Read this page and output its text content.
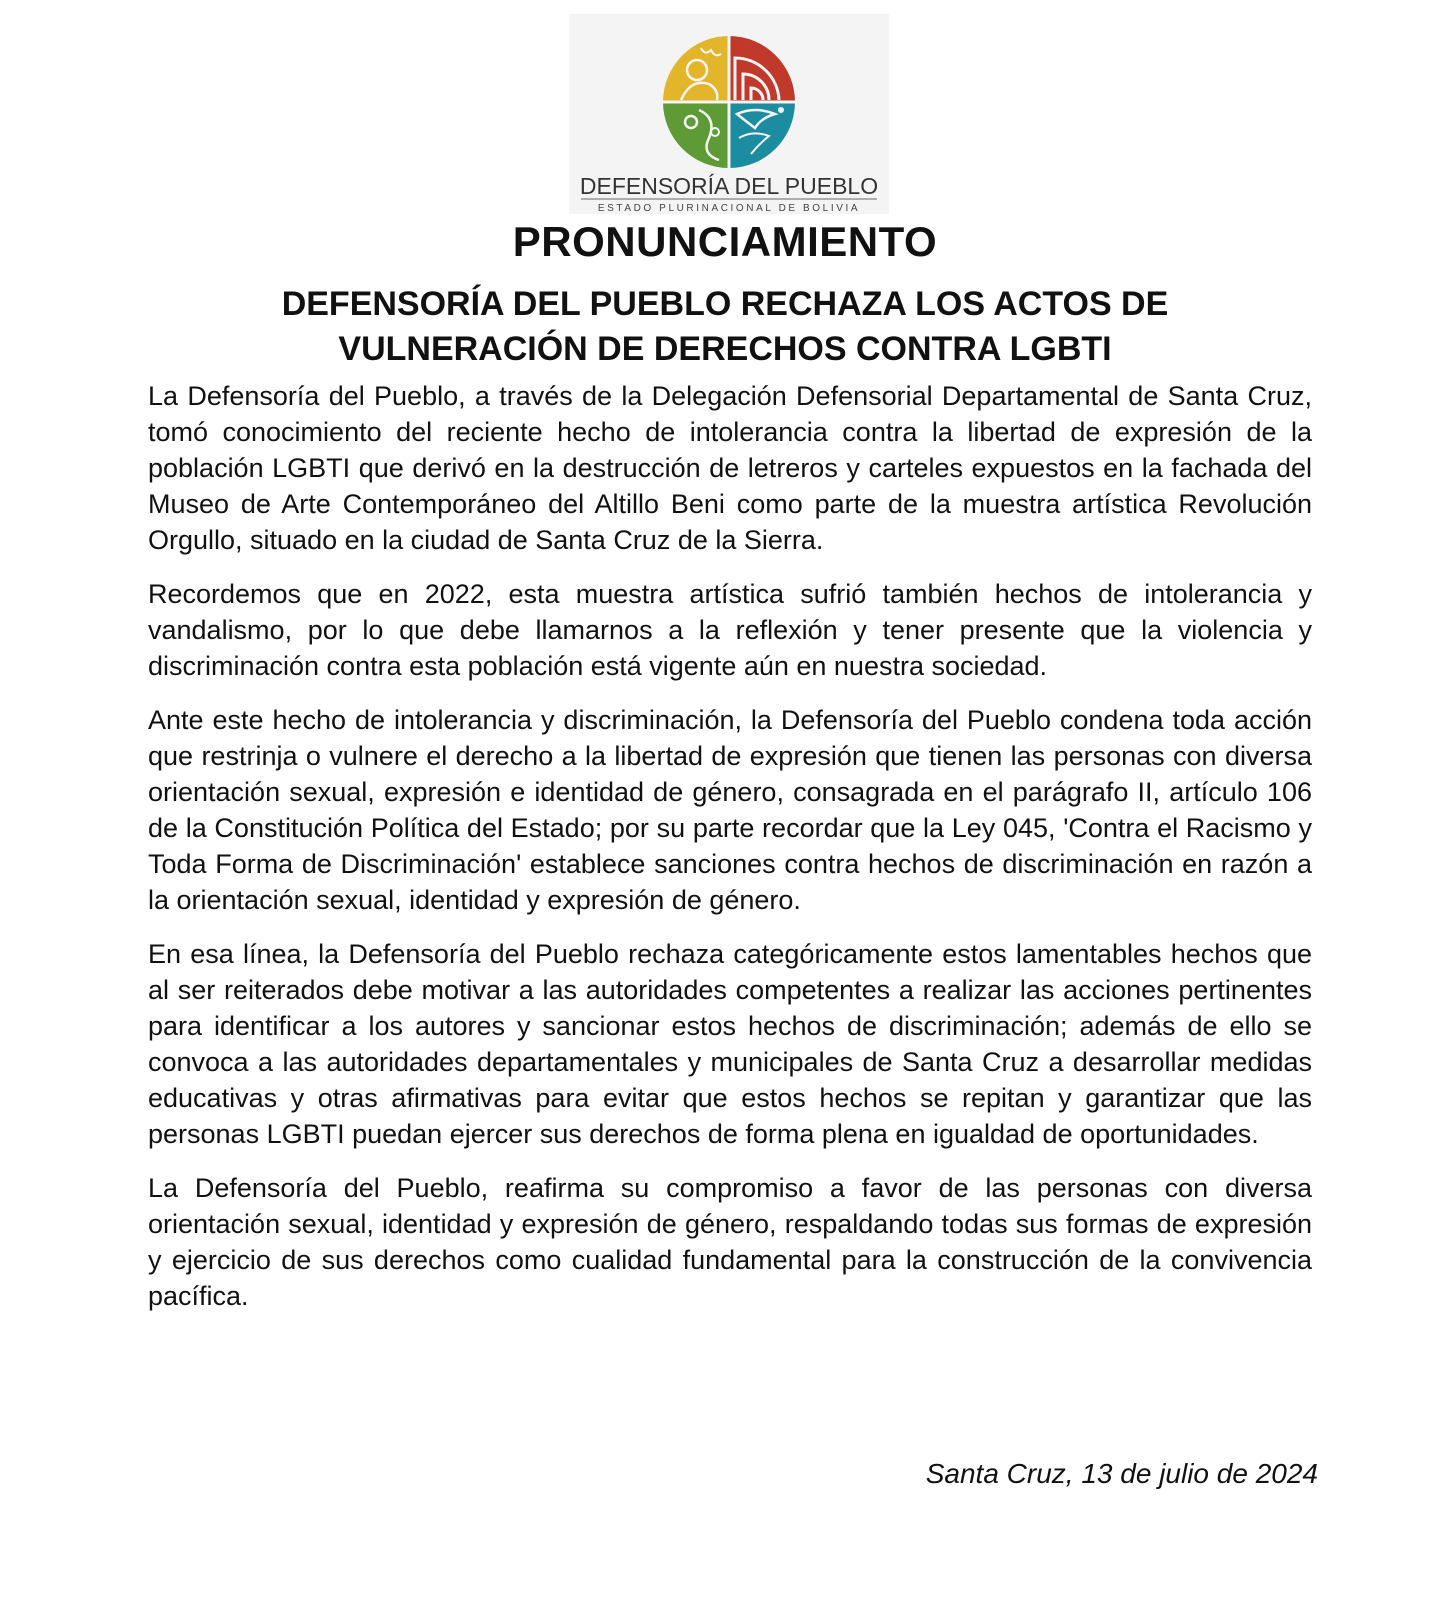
DEFENSORÍA DEL PUEBLO
ESTADO PLURINACIONAL DE BOLIVIA
PRONUNCIAMIENTO
DEFENSORÍA DEL PUEBLO RECHAZA LOS ACTOS DE
VULNERACIÓN DE DERECHOS CONTRA LGBTI

La Defensoría del Pueblo, a través de la Delegación Defensorial Departamental de Santa Cruz, tomó conocimiento del reciente hecho de intolerancia contra la libertad de expresión de la población LGBTI que derivó en la destrucción de letreros y carteles expuestos en la fachada del Museo de Arte Contemporáneo del Altillo Beni como parte de la muestra artística Revolución Orgullo, situado en la ciudad de Santa Cruz de la Sierra.

Recordemos que en 2022, esta muestra artística sufrió también hechos de intolerancia y vandalismo, por lo que debe llamarnos a la reflexión y tener presente que la violencia y discriminación contra esta población está vigente aún en nuestra sociedad.

Ante este hecho de intolerancia y discriminación, la Defensoría del Pueblo condena toda acción que restrinja o vulnere el derecho a la libertad de expresión que tienen las personas con diversa orientación sexual, expresión e identidad de género, consagrada en el parágrafo II, artículo 106 de la Constitución Política del Estado; por su parte recordar que la Ley 045, 'Contra el Racismo y Toda Forma de Discriminación' establece sanciones contra hechos de discriminación en razón a la orientación sexual, identidad y expresión de género.

En esa línea, la Defensoría del Pueblo rechaza categóricamente estos lamentables hechos que al ser reiterados debe motivar a las autoridades competentes a realizar las acciones pertinentes para identificar a los autores y sancionar estos hechos de discriminación; además de ello se convoca a las autoridades departamentales y municipales de Santa Cruz a desarrollar medidas educativas y otras afirmativas para evitar que estos hechos se repitan y garantizar que las personas LGBTI puedan ejercer sus derechos de forma plena en igualdad de oportunidades.

La Defensoría del Pueblo, reafirma su compromiso a favor de las personas con diversa orientación sexual, identidad y expresión de género, respaldando todas sus formas de expresión y ejercicio de sus derechos como cualidad fundamental para la construcción de la convivencia pacífica.

Santa Cruz, 13 de julio de 2024
